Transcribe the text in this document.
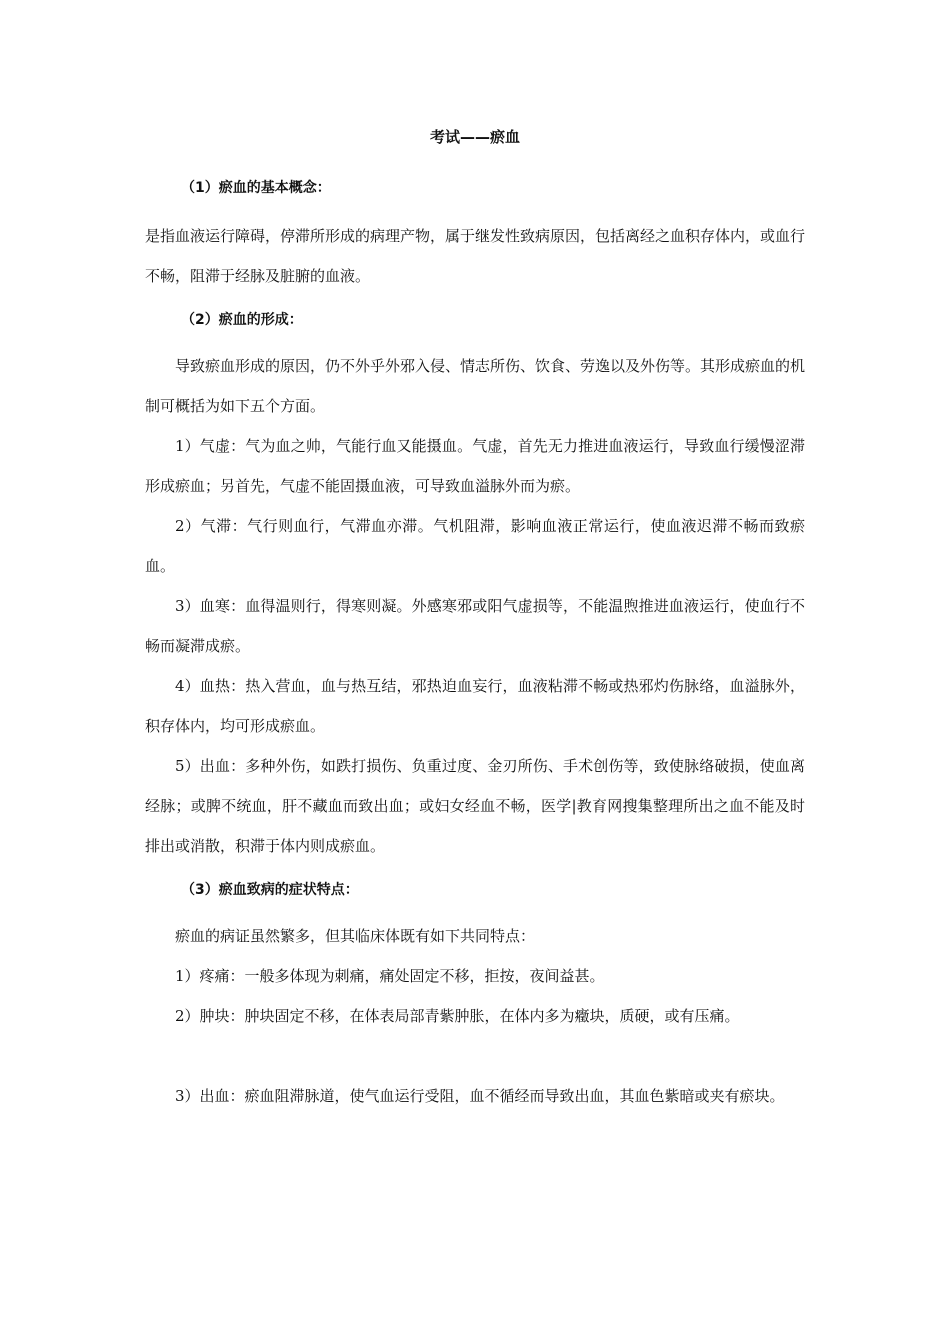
考试——瘀血

（1）瘀血的基本概念：

是指血液运行障碍，停滞所形成的病理产物，属于继发性致病原因，包括离经之血积存体内，或血行不畅，阻滞于经脉及脏腑的血液。

（2）瘀血的形成：

导致瘀血形成的原因，仍不外乎外邪入侵、情志所伤、饮食、劳逸以及外伤等。其形成瘀血的机制可概括为如下五个方面。

1）气虚：气为血之帅，气能行血又能摄血。气虚，首先无力推进血液运行，导致血行缓慢涩滞形成瘀血；另首先，气虚不能固摄血液，可导致血溢脉外而为瘀。

2）气滞：气行则血行，气滞血亦滞。气机阻滞，影响血液正常运行，使血液迟滞不畅而致瘀血。

3）血寒：血得温则行，得寒则凝。外感寒邪或阳气虚损等，不能温煦推进血液运行，使血行不畅而凝滞成瘀。

4）血热：热入营血，血与热互结，邪热迫血妄行，血液粘滞不畅或热邪灼伤脉络，血溢脉外，积存体内，均可形成瘀血。

5）出血：多种外伤，如跌打损伤、负重过度、金刃所伤、手术创伤等，致使脉络破损，使血离经脉；或脾不统血，肝不藏血而致出血；或妇女经血不畅，医学|教育网搜集整理所出之血不能及时排出或消散，积滞于体内则成瘀血。

（3）瘀血致病的症状特点：

瘀血的病证虽然繁多，但其临床体既有如下共同特点：

1）疼痛：一般多体现为刺痛，痛处固定不移，拒按，夜间益甚。

2）肿块：肿块固定不移，在体表局部青紫肿胀，在体内多为癥块，质硬，或有压痛。

3）出血：瘀血阻滞脉道，使气血运行受阻，血不循经而导致出血，其血色紫暗或夹有瘀块。
